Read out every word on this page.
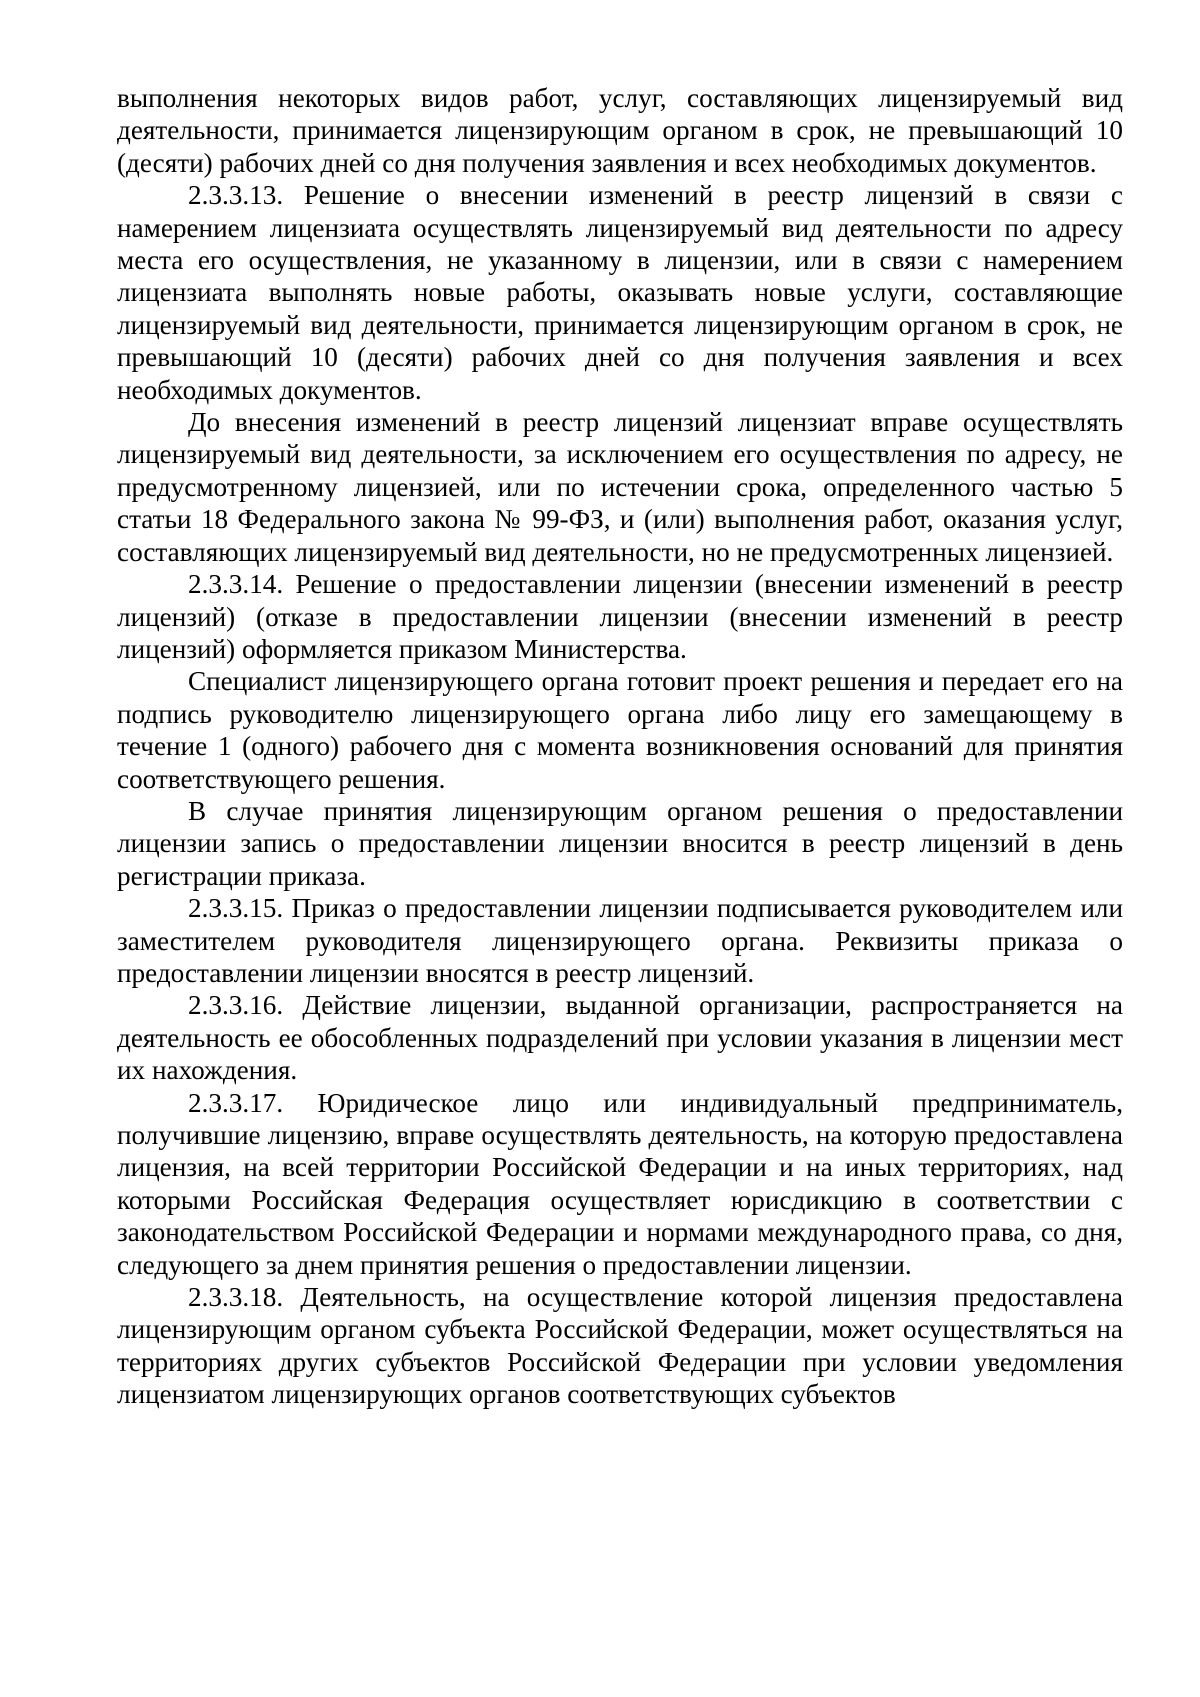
выполнения некоторых видов работ, услуг, составляющих лицензируемый вид деятельности, принимается лицензирующим органом в срок, не превышающий 10 (десяти) рабочих дней со дня получения заявления и всех необходимых документов.

2.3.3.13. Решение о внесении изменений в реестр лицензий в связи с намерением лицензиата осуществлять лицензируемый вид деятельности по адресу места его осуществления, не указанному в лицензии, или в связи с намерением лицензиата выполнять новые работы, оказывать новые услуги, составляющие лицензируемый вид деятельности, принимается лицензирующим органом в срок, не превышающий 10 (десяти) рабочих дней со дня получения заявления и всех необходимых документов.

До внесения изменений в реестр лицензий лицензиат вправе осуществлять лицензируемый вид деятельности, за исключением его осуществления по адресу, не предусмотренному лицензией, или по истечении срока, определенного частью 5 статьи 18 Федерального закона № 99-ФЗ, и (или) выполнения работ, оказания услуг, составляющих лицензируемый вид деятельности, но не предусмотренных лицензией.

2.3.3.14. Решение о предоставлении лицензии (внесении изменений в реестр лицензий) (отказе в предоставлении лицензии (внесении изменений в реестр лицензий) оформляется приказом Министерства.

Специалист лицензирующего органа готовит проект решения и передает его на подпись руководителю лицензирующего органа либо лицу его замещающему в течение 1 (одного) рабочего дня с момента возникновения оснований для принятия соответствующего решения.

В случае принятия лицензирующим органом решения о предоставлении лицензии запись о предоставлении лицензии вносится в реестр лицензий в день регистрации приказа.

2.3.3.15. Приказ о предоставлении лицензии подписывается руководителем или заместителем руководителя лицензирующего органа. Реквизиты приказа о предоставлении лицензии вносятся в реестр лицензий.

2.3.3.16. Действие лицензии, выданной организации, распространяется на деятельность ее обособленных подразделений при условии указания в лицензии мест их нахождения.

2.3.3.17. Юридическое лицо или индивидуальный предприниматель, получившие лицензию, вправе осуществлять деятельность, на которую предоставлена лицензия, на всей территории Российской Федерации и на иных территориях, над которыми Российская Федерация осуществляет юрисдикцию в соответствии с законодательством Российской Федерации и нормами международного права, со дня, следующего за днем принятия решения о предоставлении лицензии.

2.3.3.18. Деятельность, на осуществление которой лицензия предоставлена лицензирующим органом субъекта Российской Федерации, может осуществляться на территориях других субъектов Российской Федерации при условии уведомления лицензиатом лицензирующих органов соответствующих субъектов
